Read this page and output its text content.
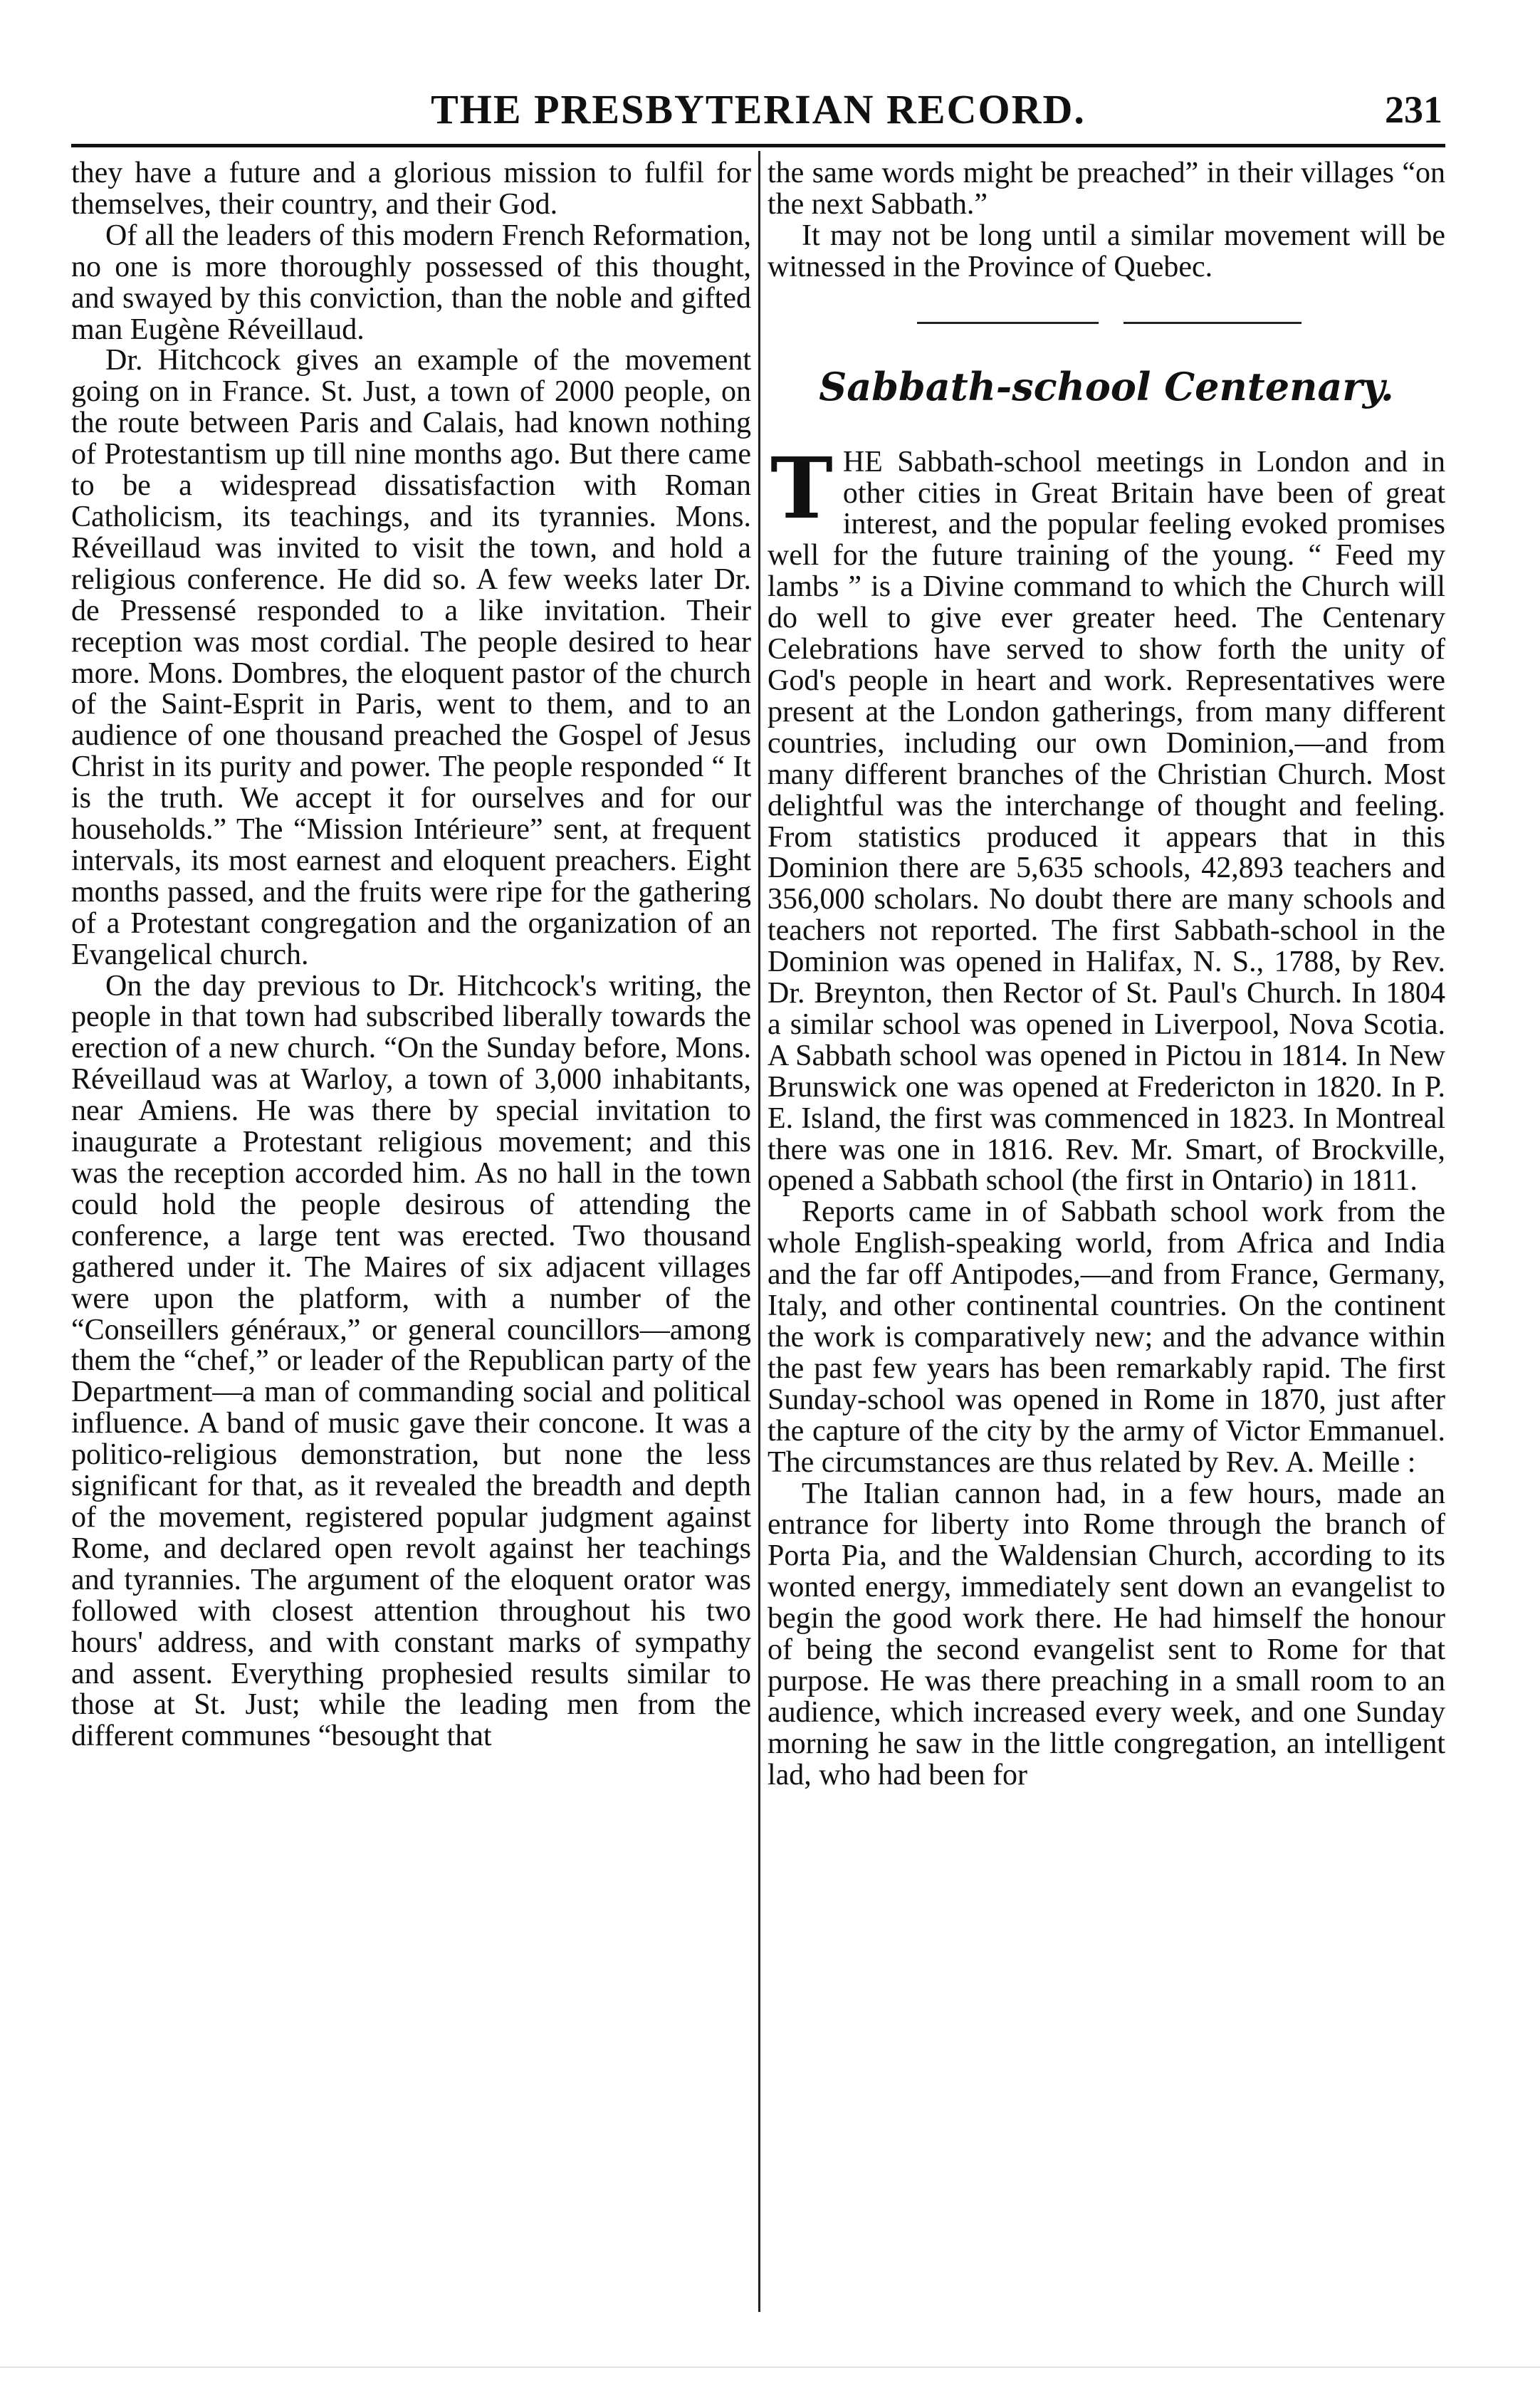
THE PRESBYTERIAN RECORD.	231

they have a future and a glorious mission to fulfil for themselves, their country, and their God.

Of all the leaders of this modern French Reformation, no one is more thoroughly possessed of this thought, and swayed by this conviction, than the noble and gifted man Eugène Réveillaud.

Dr. Hitchcock gives an example of the movement going on in France. St. Just, a town of 2000 people, on the route between Paris and Calais, had known nothing of Protestantism up till nine months ago. But there came to be a widespread dissatisfaction with Roman Catholicism, its teachings, and its tyrannies. Mons. Réveillaud was invited to visit the town, and hold a religious conference. He did so. A few weeks later Dr. de Pressensé responded to a like invitation. Their reception was most cordial. The people desired to hear more. Mons. Dombres, the eloquent pastor of the church of the Saint-Esprit in Paris, went to them, and to an audience of one thousand preached the Gospel of Jesus Christ in its purity and power. The people responded “ It is the truth. We accept it for ourselves and for our households.” The “Mission Intérieure” sent, at frequent intervals, its most earnest and eloquent preachers. Eight months passed, and the fruits were ripe for the gathering of a Protestant congregation and the organization of an Evangelical church.

On the day previous to Dr. Hitchcock's writing, the people in that town had subscribed liberally towards the erection of a new church. “On the Sunday before, Mons. Réveillaud was at Warloy, a town of 3,000 inhabitants, near Amiens. He was there by special invitation to inaugurate a Protestant religious movement; and this was the reception accorded him. As no hall in the town could hold the people desirous of attending the conference, a large tent was erected. Two thousand gathered under it. The Maires of six adjacent villages were upon the platform, with a number of the “Conseillers généraux,” or general councillors—among them the “chef,” or leader of the Republican party of the Department—a man of commanding social and political influence. A band of music gave their concone. It was a politico-religious demonstration, but none the less significant for that, as it revealed the breadth and depth of the movement, registered popular judgment against Rome, and declared open revolt against her teachings and tyrannies. The argument of the eloquent orator was followed with closest attention throughout his two hours' address, and with constant marks of sympathy and assent. Everything prophesied results similar to those at St. Just; while the leading men from the different communes “besought that

the same words might be preached” in their villages “on the next Sabbath.”

It may not be long until a similar movement will be witnessed in the Province of Quebec.

Sabbath-school Centenary.

THE Sabbath-school meetings in London and in other cities in Great Britain have been of great interest, and the popular feeling evoked promises well for the future training of the young. “ Feed my lambs ” is a Divine command to which the Church will do well to give ever greater heed. The Centenary Celebrations have served to show forth the unity of God's people in heart and work. Representatives were present at the London gatherings, from many different countries, including our own Dominion,—and from many different branches of the Christian Church. Most delightful was the interchange of thought and feeling. From statistics produced it appears that in this Dominion there are 5,635 schools, 42,893 teachers and 356,000 scholars. No doubt there are many schools and teachers not reported. The first Sabbath-school in the Dominion was opened in Halifax, N. S., 1788, by Rev. Dr. Breynton, then Rector of St. Paul's Church. In 1804 a similar school was opened in Liverpool, Nova Scotia. A Sabbath school was opened in Pictou in 1814. In New Brunswick one was opened at Fredericton in 1820. In P. E. Island, the first was commenced in 1823. In Montreal there was one in 1816. Rev. Mr. Smart, of Brockville, opened a Sabbath school (the first in Ontario) in 1811.

Reports came in of Sabbath school work from the whole English-speaking world, from Africa and India and the far off Antipodes,—and from France, Germany, Italy, and other continental countries. On the continent the work is comparatively new; and the advance within the past few years has been remarkably rapid. The first Sunday-school was opened in Rome in 1870, just after the capture of the city by the army of Victor Emmanuel. The circumstances are thus related by Rev. A. Meille :

The Italian cannon had, in a few hours, made an entrance for liberty into Rome through the branch of Porta Pia, and the Waldensian Church, according to its wonted energy, immediately sent down an evangelist to begin the good work there. He had himself the honour of being the second evangelist sent to Rome for that purpose. He was there preaching in a small room to an audience, which increased every week, and one Sunday morning he saw in the little congregation, an intelligent lad, who had been for
